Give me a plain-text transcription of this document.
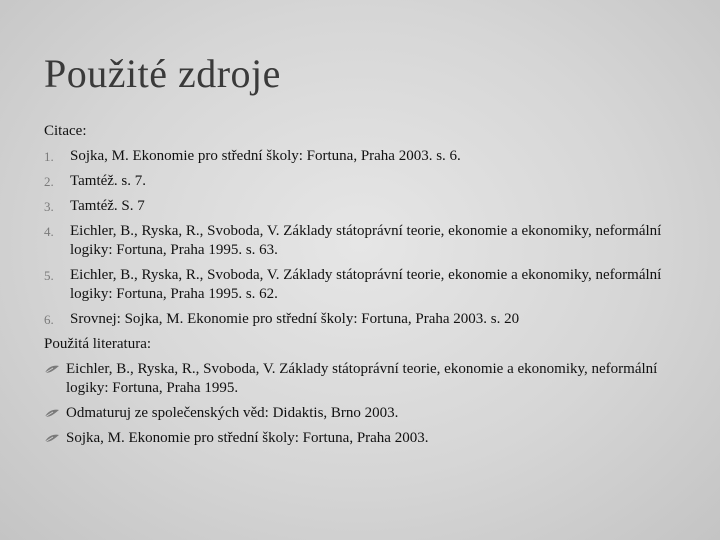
Použité zdroje
Citace:
1. Sojka, M. Ekonomie pro střední školy: Fortuna, Praha 2003. s. 6.
2. Tamtéž. s. 7.
3. Tamtéž. S. 7
4. Eichler, B., Ryska, R., Svoboda, V. Základy státoprávní teorie, ekonomie a ekonomiky, neformální logiky: Fortuna, Praha 1995. s. 63.
5. Eichler, B., Ryska, R., Svoboda, V. Základy státoprávní teorie, ekonomie a ekonomiky, neformální logiky: Fortuna, Praha 1995. s. 62.
6. Srovnej: Sojka, M. Ekonomie pro střední školy: Fortuna, Praha 2003. s. 20
Použitá literatura:
Eichler, B., Ryska, R., Svoboda, V. Základy státoprávní teorie, ekonomie a ekonomiky, neformální logiky: Fortuna, Praha 1995.
Odmaturuj ze společenských věd: Didaktis, Brno 2003.
Sojka, M. Ekonomie pro střední školy: Fortuna, Praha 2003.
